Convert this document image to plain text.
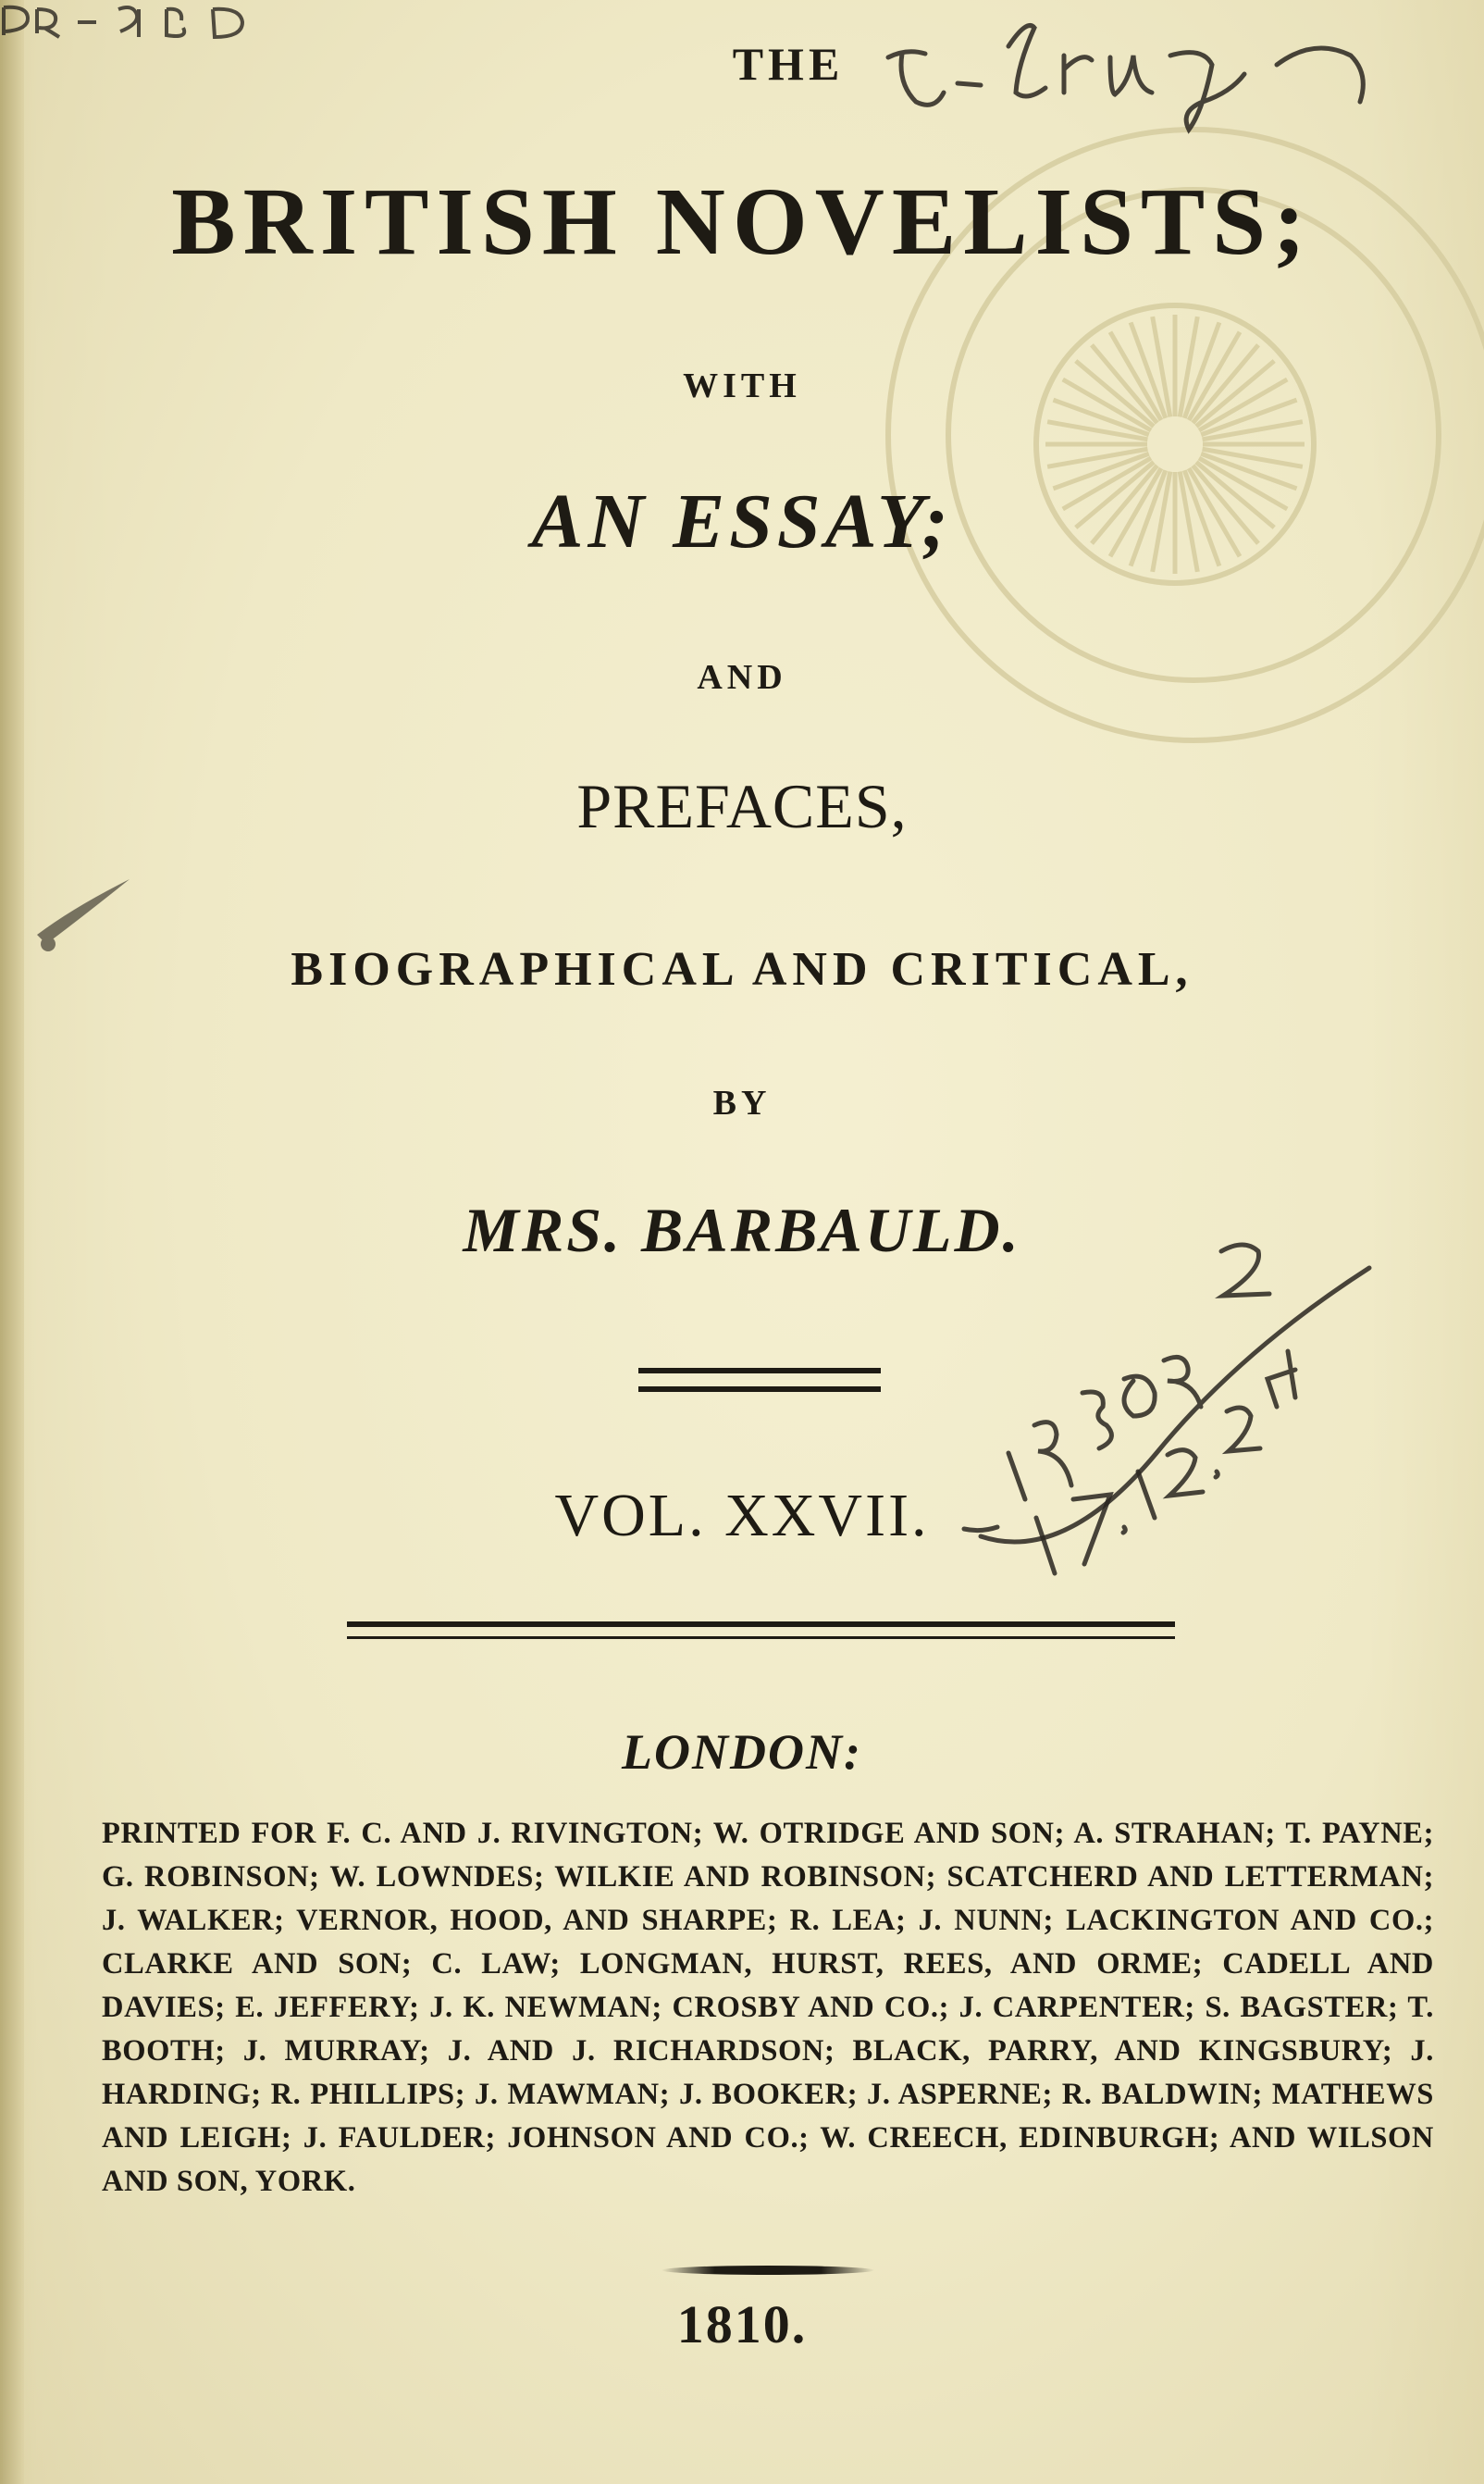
THE

BRITISH NOVELISTS;

WITH

AN ESSAY;

AND

PREFACES,

BIOGRAPHICAL AND CRITICAL,

BY

MRS. BARBAULD.

VOL. XXVII.

LONDON:

PRINTED FOR F. C. AND J. RIVINGTON; W. OTRIDGE AND SON; A. STRAHAN; T. PAYNE; G. ROBINSON; W. LOWNDES; WILKIE AND ROBINSON; SCATCHERD AND LETTERMAN; J. WALKER; VERNOR, HOOD, AND SHARPE; R. LEA; J. NUNN; LACKINGTON AND CO.; CLARKE AND SON; C. LAW; LONGMAN, HURST, REES, AND ORME; CADELL AND DAVIES; E. JEFFERY; J. K. NEWMAN; CROSBY AND CO.; J. CARPENTER; S. BAGSTER; T. BOOTH; J. MURRAY; J. AND J. RICHARDSON; BLACK, PARRY, AND KINGSBURY; J. HARDING; R. PHILLIPS; J. MAWMAN; J. BOOKER; J. ASPERNE; R. BALDWIN; MATHEWS AND LEIGH; J. FAULDER; JOHNSON AND CO.; W. CREECH, EDINBURGH; AND WILSON AND SON, YORK.

1810.
